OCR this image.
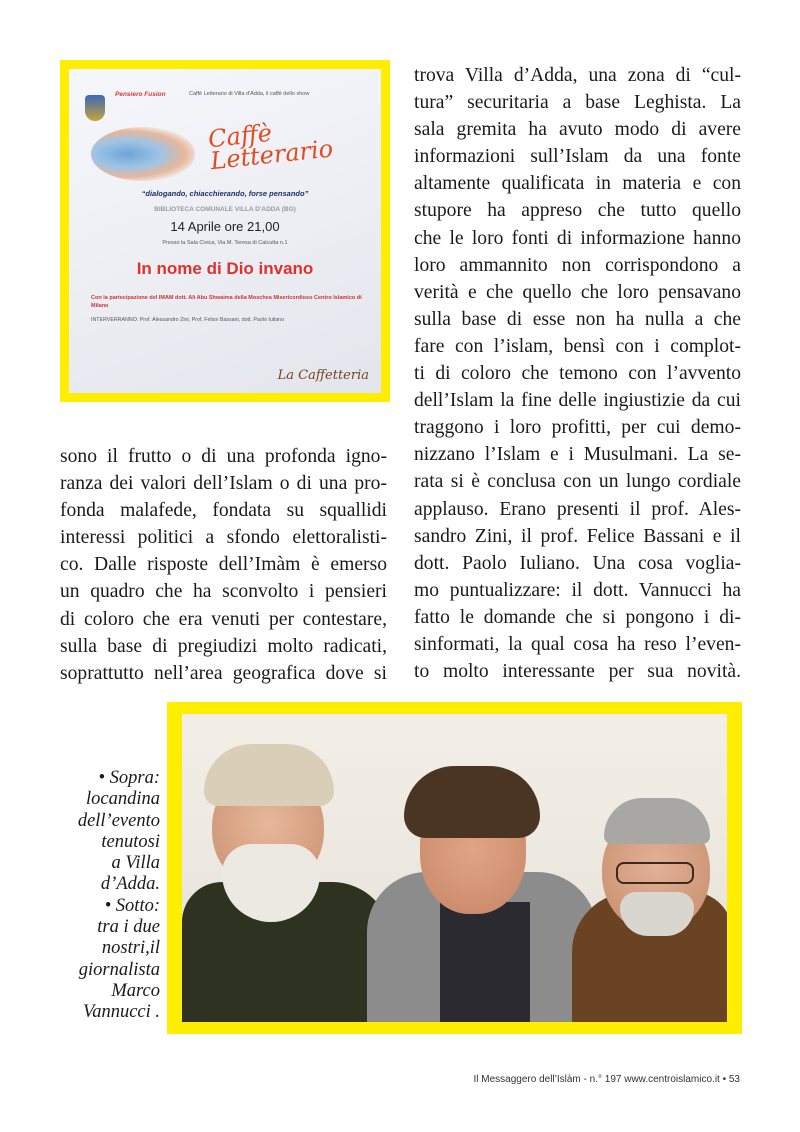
Caffè Letterario di Villa d'Adda, il caffè dello show
Pensiero Fusion
Caffè Letterario
“dialogando, chiacchierando, forse pensando”
BIBLIOTECA COMUNALE VILLA D'ADDA (BG)
14 Aprile ore 21,00
Presso la Sala Civica, Via M. Teresa di Calcutta n.1
In nome di Dio invano
Con la partecipazione del IMAM dott. Ali Abu Shwaima della Moschea Misericordioso Centro Islamico di Milano
INTERVERRANNO: Prof. Alessandro Zini, Prof. Felice Bassani, dott. Paolo Iuliano
La Caffetteria
trova Villa d’Adda, una zona di “cul-
tura” securitaria a base Leghista. La
sala gremita ha avuto modo di avere
informazioni sull’Islam da una fonte
altamente qualificata in materia e con
stupore ha appreso che tutto quello
che le loro fonti di informazione hanno
loro ammannito non corrispondono a
verità e che quello che loro pensavano
sulla base di esse non ha nulla a che
fare con l’islam, bensì con i complot-
ti di coloro che temono con l’avvento
dell’Islam la fine delle ingiustizie da cui
traggono i loro profitti, per cui demo-
nizzano l’Islam e i Musulmani. La se-
rata si è conclusa con un lungo cordiale
applauso. Erano presenti il prof. Ales-
sandro Zini, il prof. Felice Bassani e il
dott. Paolo Iuliano. Una cosa vogliа-
mo puntualizzare: il dott. Vannucci ha
fatto le domande che si pongono i di-
sinformati, la qual cosa ha reso l’even-
to molto interessante per sua novità.
sono il frutto o di una profonda igno-
ranza dei valori dell’Islam o di una pro-
fonda malafede, fondata su squallidi
interessi politici a sfondo elettoralisti-
co. Dalle risposte dell’Imàm è emerso
un quadro che ha sconvolto i pensieri
di coloro che era venuti per contestare,
sulla base di pregiudizi molto radicati,
soprattutto nell’area geografica dove si
• Sopra:
locandina
dell’evento
tenutosi
a Villa
d’Adda.
• Sotto:
tra i due
nostri,il
giornalista
Marco
Vannucci .
Il Messaggero dell’Islàm - n.° 197 www.centroislamico.it • 53
